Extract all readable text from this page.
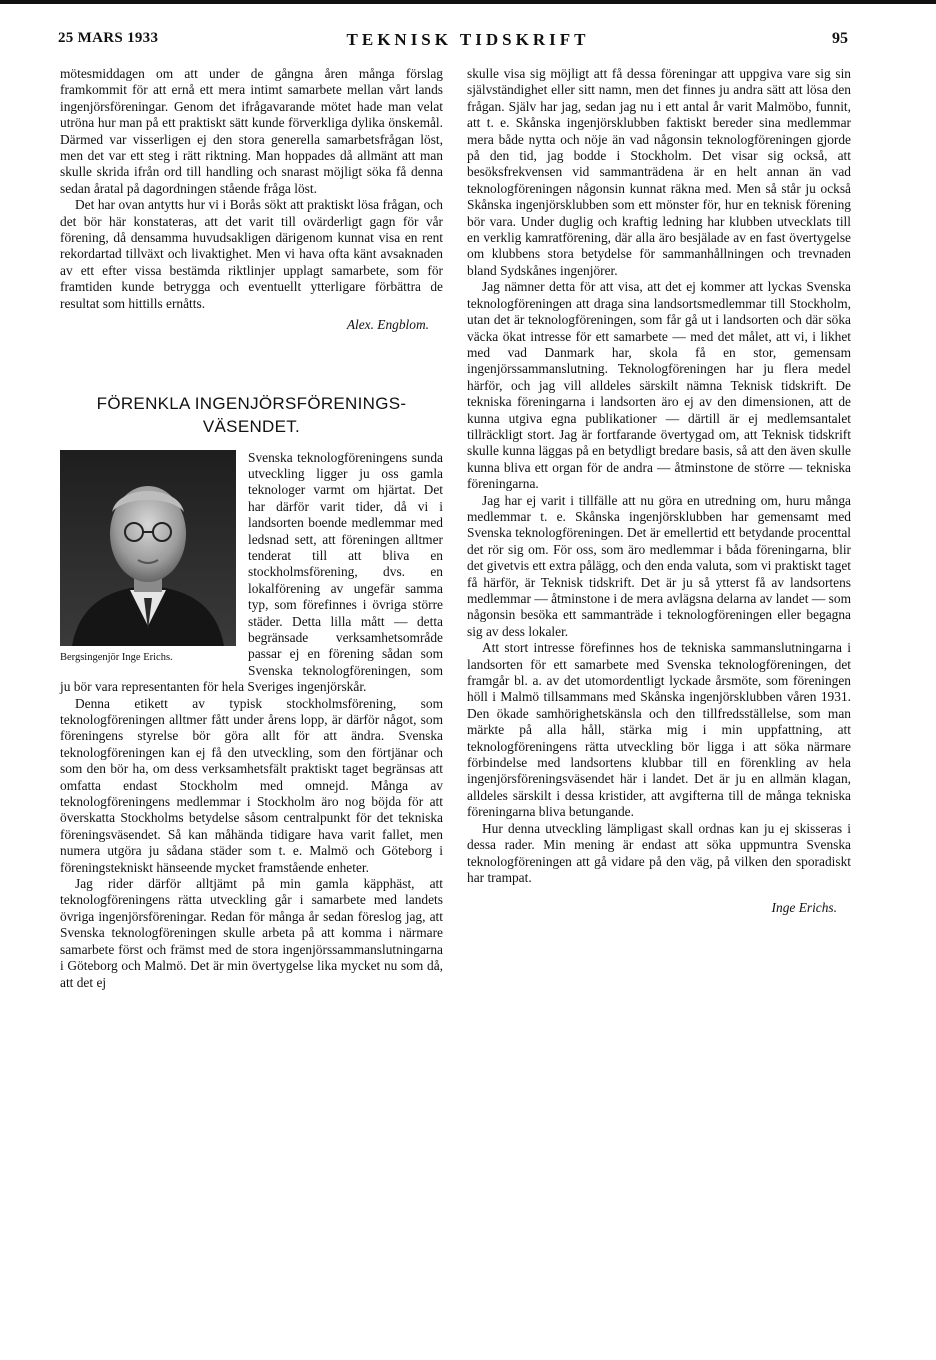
25 MARS 1933	TEKNISK TIDSKRIFT	95

mötesmiddagen om att under de gångna åren många förslag framkommit för att ernå ett mera intimt samarbete mellan vårt lands ingenjörsföreningar. Genom det ifrågavarande mötet hade man velat utröna hur man på ett praktiskt sätt kunde förverkliga dylika önskemål. Därmed var visserligen ej den stora generella samarbetsfrågan löst, men det var ett steg i rätt riktning. Man hoppades då allmänt att man skulle skrida ifrån ord till handling och snarast möjligt söka få denna sedan åratal på dagordningen stående fråga löst.

Det har ovan antytts hur vi i Borås sökt att praktiskt lösa frågan, och det bör här konstateras, att det varit till ovärderligt gagn för vår förening, då densamma huvudsakligen därigenom kunnat visa en rent rekordartad tillväxt och livaktighet. Men vi hava ofta känt avsaknaden av ett efter vissa bestämda riktlinjer upplagt samarbete, som för framtiden kunde betrygga och eventuellt ytterligare förbättra de resultat som hittills ernåtts.

Alex. Engblom.

FÖRENKLA INGENJÖRSFÖRENINGS-
VÄSENDET.
Bergsingenjör Inge Erichs.

Svenska teknologföreningens sunda utveckling ligger ju oss gamla teknologer varmt om hjärtat. Det har därför varit tider, då vi i landsorten boende medlemmar med ledsnad sett, att föreningen alltmer tenderat till att bliva en stockholmsförening, dvs. en lokalförening av ungefär samma typ, som förefinnes i övriga större städer. Detta lilla mått — detta begränsade verksamhetsområde passar ej en förening sådan som Svenska teknologföreningen, som ju bör vara representanten för hela Sveriges ingenjörskår.

Denna etikett av typisk stockholmsförening, som teknologföreningen alltmer fått under årens lopp, är därför något, som föreningens styrelse bör göra allt för att ändra. Svenska teknologföreningen kan ej få den utveckling, som den förtjänar och som den bör ha, om dess verksamhetsfält praktiskt taget begränsas att omfatta endast Stockholm med omnejd. Många av teknologföreningens medlemmar i Stockholm äro nog böjda för att överskatta Stockholms betydelse såsom centralpunkt för det tekniska föreningsväsendet. Så kan måhända tidigare hava varit fallet, men numera utgöra ju sådana städer som t. e. Malmö och Göteborg i föreningstekniskt hänseende mycket framstående enheter.

Jag rider därför alltjämt på min gamla käpphäst, att teknologföreningens rätta utveckling går i samarbete med landets övriga ingenjörsföreningar. Redan för många år sedan föreslog jag, att Svenska teknologföreningen skulle arbeta på att komma i närmare samarbete först och främst med de stora ingenjörssammanslutningarna i Göteborg och Malmö. Det är min övertygelse lika mycket nu som då, att det ej

skulle visa sig möjligt att få dessa föreningar att uppgiva vare sig sin självständighet eller sitt namn, men det finnes ju andra sätt att lösa den frågan. Själv har jag, sedan jag nu i ett antal år varit Malmöbo, funnit, att t. e. Skånska ingenjörsklubben faktiskt bereder sina medlemmar mera både nytta och nöje än vad någonsin teknologföreningen gjorde på den tid, jag bodde i Stockholm. Det visar sig också, att besöksfrekvensen vid sammanträdena är en helt annan än vad teknologföreningen någonsin kunnat räkna med. Men så står ju också Skånska ingenjörsklubben som ett mönster för, hur en teknisk förening bör vara. Under duglig och kraftig ledning har klubben utvecklats till en verklig kamratförening, där alla äro besjälade av en fast övertygelse om klubbens stora betydelse för sammanhållningen och trevnaden bland Sydskånes ingenjörer.

Jag nämner detta för att visa, att det ej kommer att lyckas Svenska teknologföreningen att draga sina landsortsmedlemmar till Stockholm, utan det är teknologföreningen, som får gå ut i landsorten och där söka väcka ökat intresse för ett samarbete — med det målet, att vi, i likhet med vad Danmark har, skola få en stor, gemensam ingenjörssammanslutning. Teknologföreningen har ju flera medel härför, och jag vill alldeles särskilt nämna Teknisk tidskrift. De tekniska föreningarna i landsorten äro ej av den dimensionen, att de kunna utgiva egna publikationer — därtill är ej medlemsantalet tillräckligt stort. Jag är fortfarande övertygad om, att Teknisk tidskrift skulle kunna läggas på en betydligt bredare basis, så att den även skulle kunna bliva ett organ för de andra — åtminstone de större — tekniska föreningarna.

Jag har ej varit i tillfälle att nu göra en utredning om, huru många medlemmar t. e. Skånska ingenjörsklubben har gemensamt med Svenska teknologföreningen. Det är emellertid ett betydande procenttal det rör sig om. För oss, som äro medlemmar i båda föreningarna, blir det givetvis ett extra pålägg, och den enda valuta, som vi praktiskt taget få härför, är Teknisk tidskrift. Det är ju så ytterst få av landsortens medlemmar — åtminstone i de mera avlägsna delarna av landet — som någonsin besöka ett sammanträde i teknologföreningen eller begagna sig av dess lokaler.

Att stort intresse förefinnes hos de tekniska sammanslutningarna i landsorten för ett samarbete med Svenska teknologföreningen, det framgår bl. a. av det utomordentligt lyckade årsmöte, som föreningen höll i Malmö tillsammans med Skånska ingenjörsklubben våren 1931. Den ökade samhörighetskänsla och den tillfredsställelse, som man märkte på alla håll, stärka mig i min uppfattning, att teknologföreningens rätta utveckling bör ligga i att söka närmare förbindelse med landsortens klubbar till en förenkling av hela ingenjörsföreningsväsendet här i landet. Det är ju en allmän klagan, alldeles särskilt i dessa kristider, att avgifterna till de många tekniska föreningarna bliva betungande.

Hur denna utveckling lämpligast skall ordnas kan ju ej skisseras i dessa rader. Min mening är endast att söka uppmuntra Svenska teknologföreningen att gå vidare på den väg, på vilken den sporadiskt har trampat.

Inge Erichs.
